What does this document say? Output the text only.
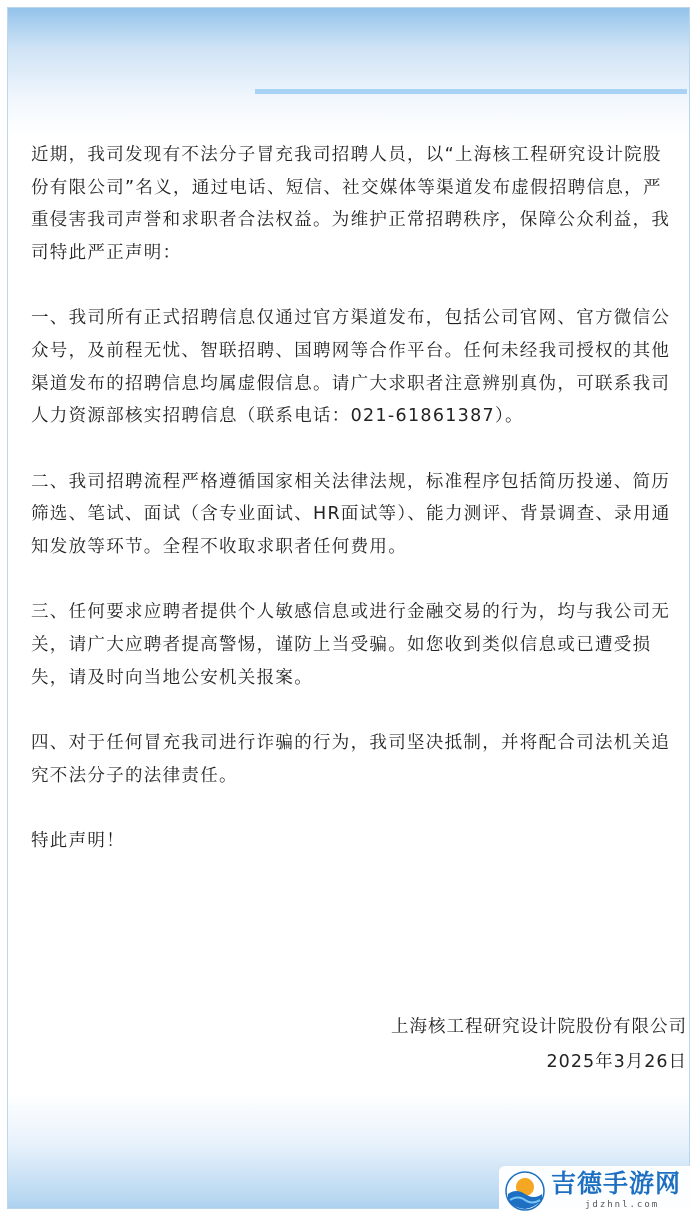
近期，我司发现有不法分子冒充我司招聘人员，以“上海核工程研究设计院股份有限公司”名义，通过电话、短信、社交媒体等渠道发布虚假招聘信息，严重侵害我司声誉和求职者合法权益。为维护正常招聘秩序，保障公众利益，我司特此严正声明：

一、我司所有正式招聘信息仅通过官方渠道发布，包括公司官网、官方微信公众号，及前程无忧、智联招聘、国聘网等合作平台。任何未经我司授权的其他渠道发布的招聘信息均属虚假信息。请广大求职者注意辨别真伪，可联系我司人力资源部核实招聘信息（联系电话：021-61861387）。

二、我司招聘流程严格遵循国家相关法律法规，标准程序包括简历投递、简历筛选、笔试、面试（含专业面试、HR面试等）、能力测评、背景调查、录用通知发放等环节。全程不收取求职者任何费用。

三、任何要求应聘者提供个人敏感信息或进行金融交易的行为，均与我公司无关，请广大应聘者提高警惕，谨防上当受骗。如您收到类似信息或已遭受损失，请及时向当地公安机关报案。

四、对于任何冒充我司进行诈骗的行为，我司坚决抵制，并将配合司法机关追究不法分子的法律责任。

特此声明！

上海核工程研究设计院股份有限公司
2025年3月26日
吉德手游网
jdzhnl.com
